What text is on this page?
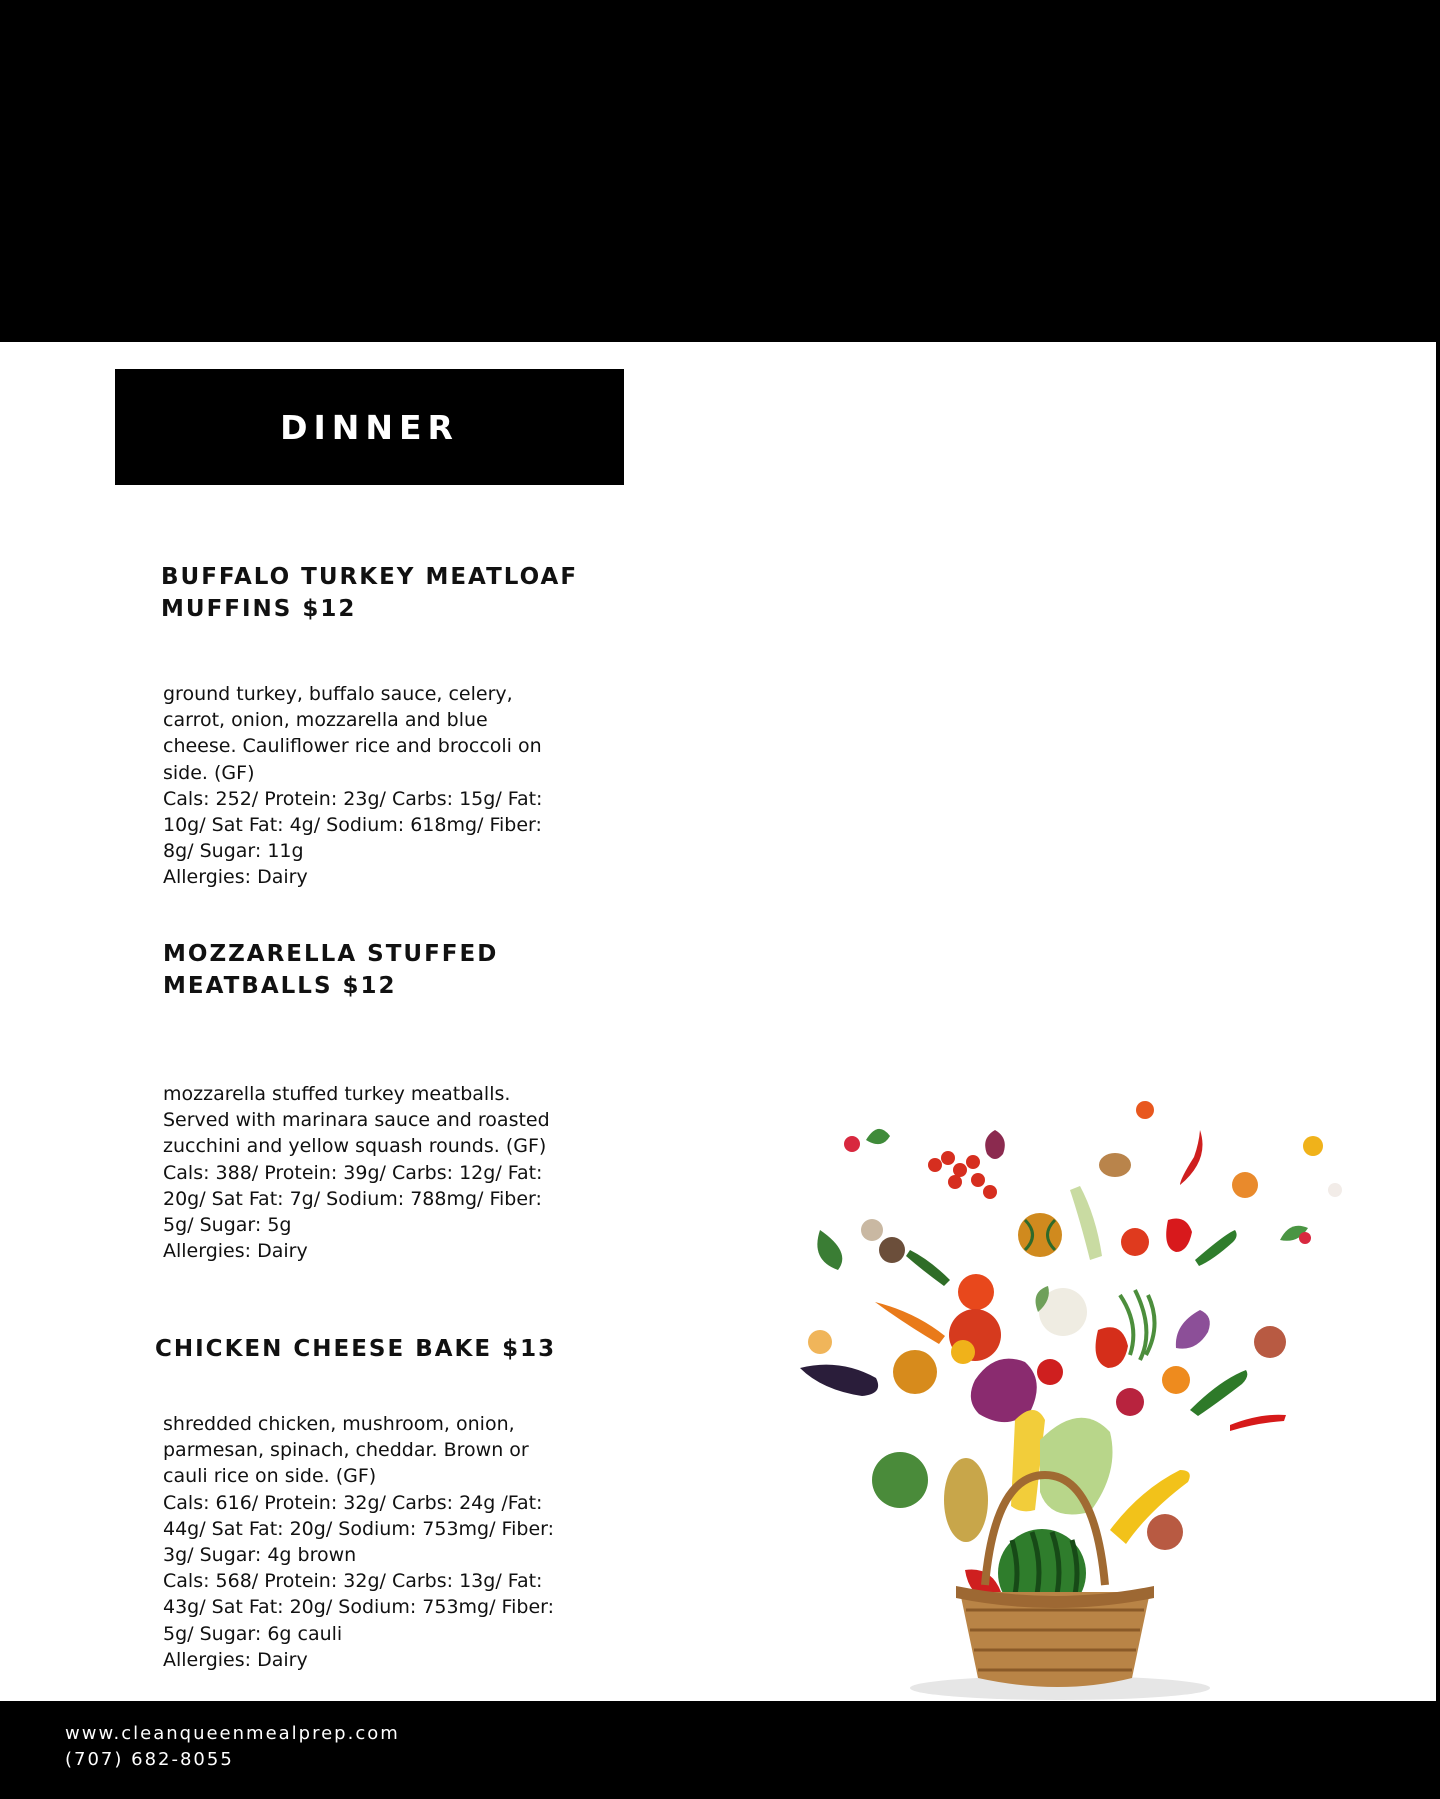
DINNER
BUFFALO TURKEY MEATLOAF
MUFFINS $12
ground turkey, buffalo sauce, celery,
carrot, onion, mozzarella and blue
cheese. Cauliflower rice and broccoli on
side. (GF)
Cals: 252/ Protein: 23g/ Carbs: 15g/ Fat:
10g/ Sat Fat: 4g/ Sodium: 618mg/ Fiber:
8g/ Sugar: 11g
Allergies: Dairy
MOZZARELLA STUFFED
MEATBALLS $12
mozzarella stuffed turkey meatballs.
Served with marinara sauce and roasted
zucchini and yellow squash rounds. (GF)
Cals: 388/ Protein: 39g/ Carbs: 12g/ Fat:
20g/ Sat Fat: 7g/ Sodium: 788mg/ Fiber:
5g/ Sugar: 5g
Allergies: Dairy
CHICKEN CHEESE BAKE $13
shredded chicken, mushroom, onion,
parmesan, spinach, cheddar. Brown or
cauli rice on side. (GF)
Cals: 616/ Protein: 32g/ Carbs: 24g /Fat:
44g/ Sat Fat: 20g/ Sodium: 753mg/ Fiber:
3g/ Sugar: 4g brown
Cals: 568/ Protein: 32g/ Carbs: 13g/ Fat:
43g/ Sat Fat: 20g/ Sodium: 753mg/ Fiber:
5g/ Sugar: 6g cauli
Allergies: Dairy
www.cleanqueenmealprep.com
(707) 682-8055
